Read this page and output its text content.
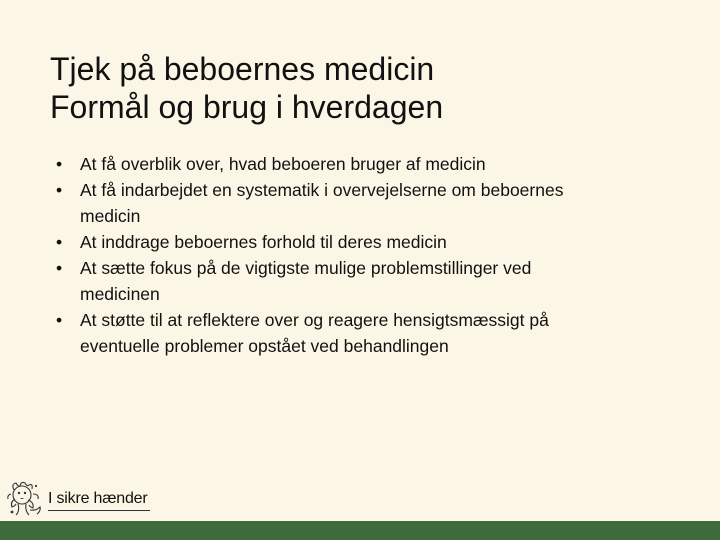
Tjek på beboernes medicin
Formål og brug i hverdagen
•	At få overblik over, hvad beboeren bruger af medicin
•	At få indarbejdet en systematik i overvejelserne om beboernes
medicin
•	At inddrage beboernes forhold til deres medicin
•	At sætte fokus på de vigtigste mulige problemstillinger ved
medicinen
•	At støtte til at reflektere over og reagere hensigtsmæssigt på
eventuelle problemer opstået ved behandlingen
I sikre hænder
